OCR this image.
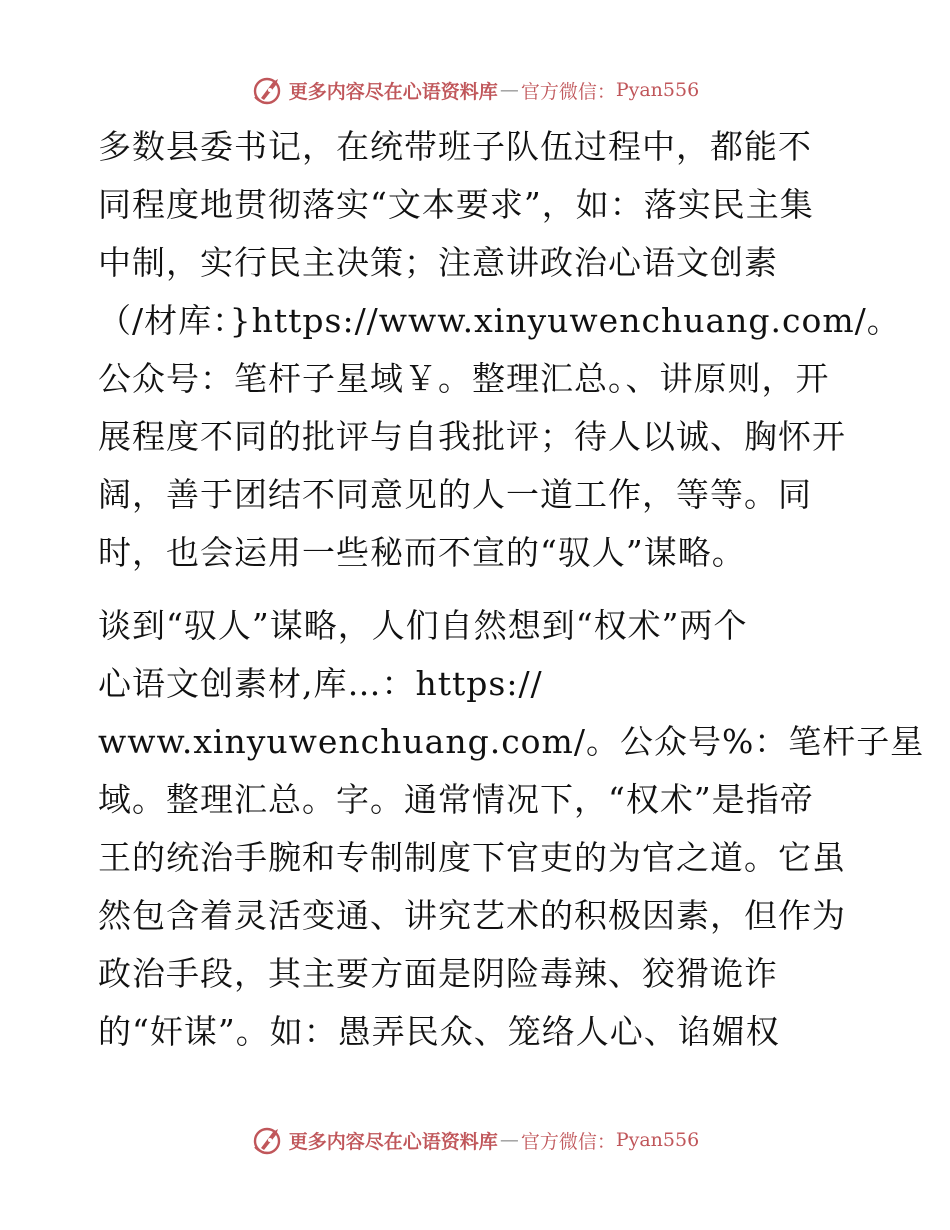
更多内容尽在心语资料库 — 官方微信： Pyan556
多数县委书记，在统带班子队伍过程中，都能不
同程度地贯彻落实“文本要求”，如：落实民主集
中制，实行民主决策；注意讲政治心语文创素
（/材库：}https://www.xinyuwenchuang.com/。
公众号：笔杆子星域￥。整理汇总。、讲原则，开
展程度不同的批评与自我批评；待人以诚、胸怀开
阔，善于团结不同意见的人一道工作，等等。同
时，也会运用一些秘而不宣的“驭人”谋略。
谈到“驭人”谋略，人们自然想到“权术”两个
心语文创素材,库…：https://
www.xinyuwenchuang.com/。公众号%：笔杆子星
域。整理汇总。字。通常情况下，“权术”是指帝
王的统治手腕和专制制度下官吏的为官之道。它虽
然包含着灵活变通、讲究艺术的积极因素，但作为
政治手段，其主要方面是阴险毒辣、狡猾诡诈
的“奸谋”。如：愚弄民众、笼络人心、谄媚权
更多内容尽在心语资料库 — 官方微信： Pyan556
